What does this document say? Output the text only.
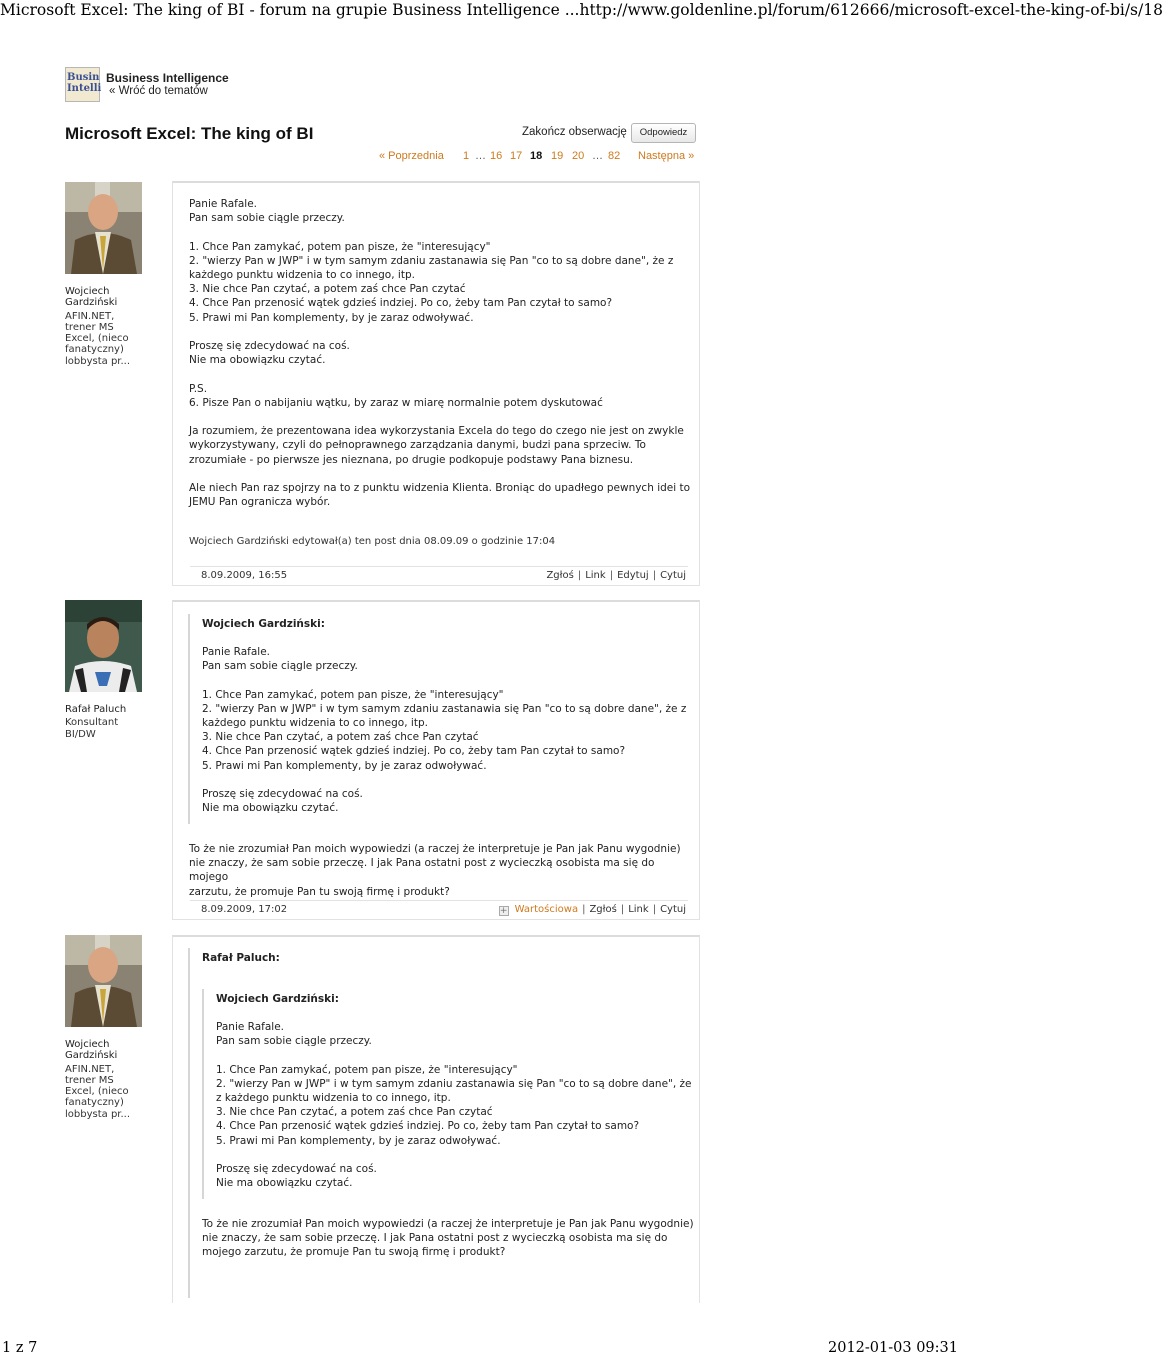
Microsoft Excel: The king of BI - forum na grupie Business Intelligence ...http://www.goldenline.pl/forum/612666/microsoft-excel-the-king-of-bi/s/18
Busin
Intelli
Business Intelligence
« Wróć do tematów
Microsoft Excel: The king of BI	Zakończ obserwację	Odpowiedz
« Poprzednia 1 … 16 17 18 19 20 … 82 Następna »
Wojciech Gardziński
AFIN.NET, trener MS Excel, (nieco fanatyczny) lobbysta pr...
Panie Rafale.
Pan sam sobie ciągle przeczy.
1. Chce Pan zamykać, potem pan pisze, że "interesujący"
2. "wierzy Pan w JWP" i w tym samym zdaniu zastanawia się Pan "co to są dobre dane", że z
każdego punktu widzenia to co innego, itp.
3. Nie chce Pan czytać, a potem zaś chce Pan czytać
4. Chce Pan przenosić wątek gdzieś indziej. Po co, żeby tam Pan czytał to samo?
5. Prawi mi Pan komplementy, by je zaraz odwoływać.
Proszę się zdecydować na coś.
Nie ma obowiązku czytać.
P.S.
6. Pisze Pan o nabijaniu wątku, by zaraz w miarę normalnie potem dyskutować
Ja rozumiem, że prezentowana idea wykorzystania Excela do tego do czego nie jest on zwykle
wykorzystywany, czyli do pełnoprawnego zarządzania danymi, budzi pana sprzeciw. To
zrozumiałe - po pierwsze jes nieznana, po drugie podkopuje podstawy Pana biznesu.
Ale niech Pan raz spojrzy na to z punktu widzenia Klienta. Broniąc do upadłego pewnych idei to
JEMU Pan ogranicza wybór.
Wojciech Gardziński edytował(a) ten post dnia 08.09.09 o godzinie 17:04
8.09.2009, 16:55	Zgłoś | Link | Edytuj | Cytuj
Rafał Paluch
Konsultant BI/DW
Wojciech Gardziński:
Panie Rafale.
Pan sam sobie ciągle przeczy.
1. Chce Pan zamykać, potem pan pisze, że "interesujący"
2. "wierzy Pan w JWP" i w tym samym zdaniu zastanawia się Pan "co to są dobre dane", że z
każdego punktu widzenia to co innego, itp.
3. Nie chce Pan czytać, a potem zaś chce Pan czytać
4. Chce Pan przenosić wątek gdzieś indziej. Po co, żeby tam Pan czytał to samo?
5. Prawi mi Pan komplementy, by je zaraz odwoływać.
Proszę się zdecydować na coś.
Nie ma obowiązku czytać.
To że nie zrozumiał Pan moich wypowiedzi (a raczej że interpretuje je Pan jak Panu wygodnie)
nie znaczy, że sam sobie przeczę. I jak Pana ostatni post z wycieczką osobista ma się do mojego
zarzutu, że promuje Pan tu swoją firmę i produkt?
8.09.2009, 17:02	+ Wartościowa | Zgłoś | Link | Cytuj
Wojciech Gardziński
AFIN.NET, trener MS Excel, (nieco fanatyczny) lobbysta pr...
Rafał Paluch:
Wojciech Gardziński:
Panie Rafale.
Pan sam sobie ciągle przeczy.
1. Chce Pan zamykać, potem pan pisze, że "interesujący"
2. "wierzy Pan w JWP" i w tym samym zdaniu zastanawia się Pan "co to są dobre dane", że
z każdego punktu widzenia to co innego, itp.
3. Nie chce Pan czytać, a potem zaś chce Pan czytać
4. Chce Pan przenosić wątek gdzieś indziej. Po co, żeby tam Pan czytał to samo?
5. Prawi mi Pan komplementy, by je zaraz odwoływać.
Proszę się zdecydować na coś.
Nie ma obowiązku czytać.
To że nie zrozumiał Pan moich wypowiedzi (a raczej że interpretuje je Pan jak Panu wygodnie)
nie znaczy, że sam sobie przeczę. I jak Pana ostatni post z wycieczką osobista ma się do
mojego zarzutu, że promuje Pan tu swoją firmę i produkt?
1 z 7	2012-01-03 09:31
